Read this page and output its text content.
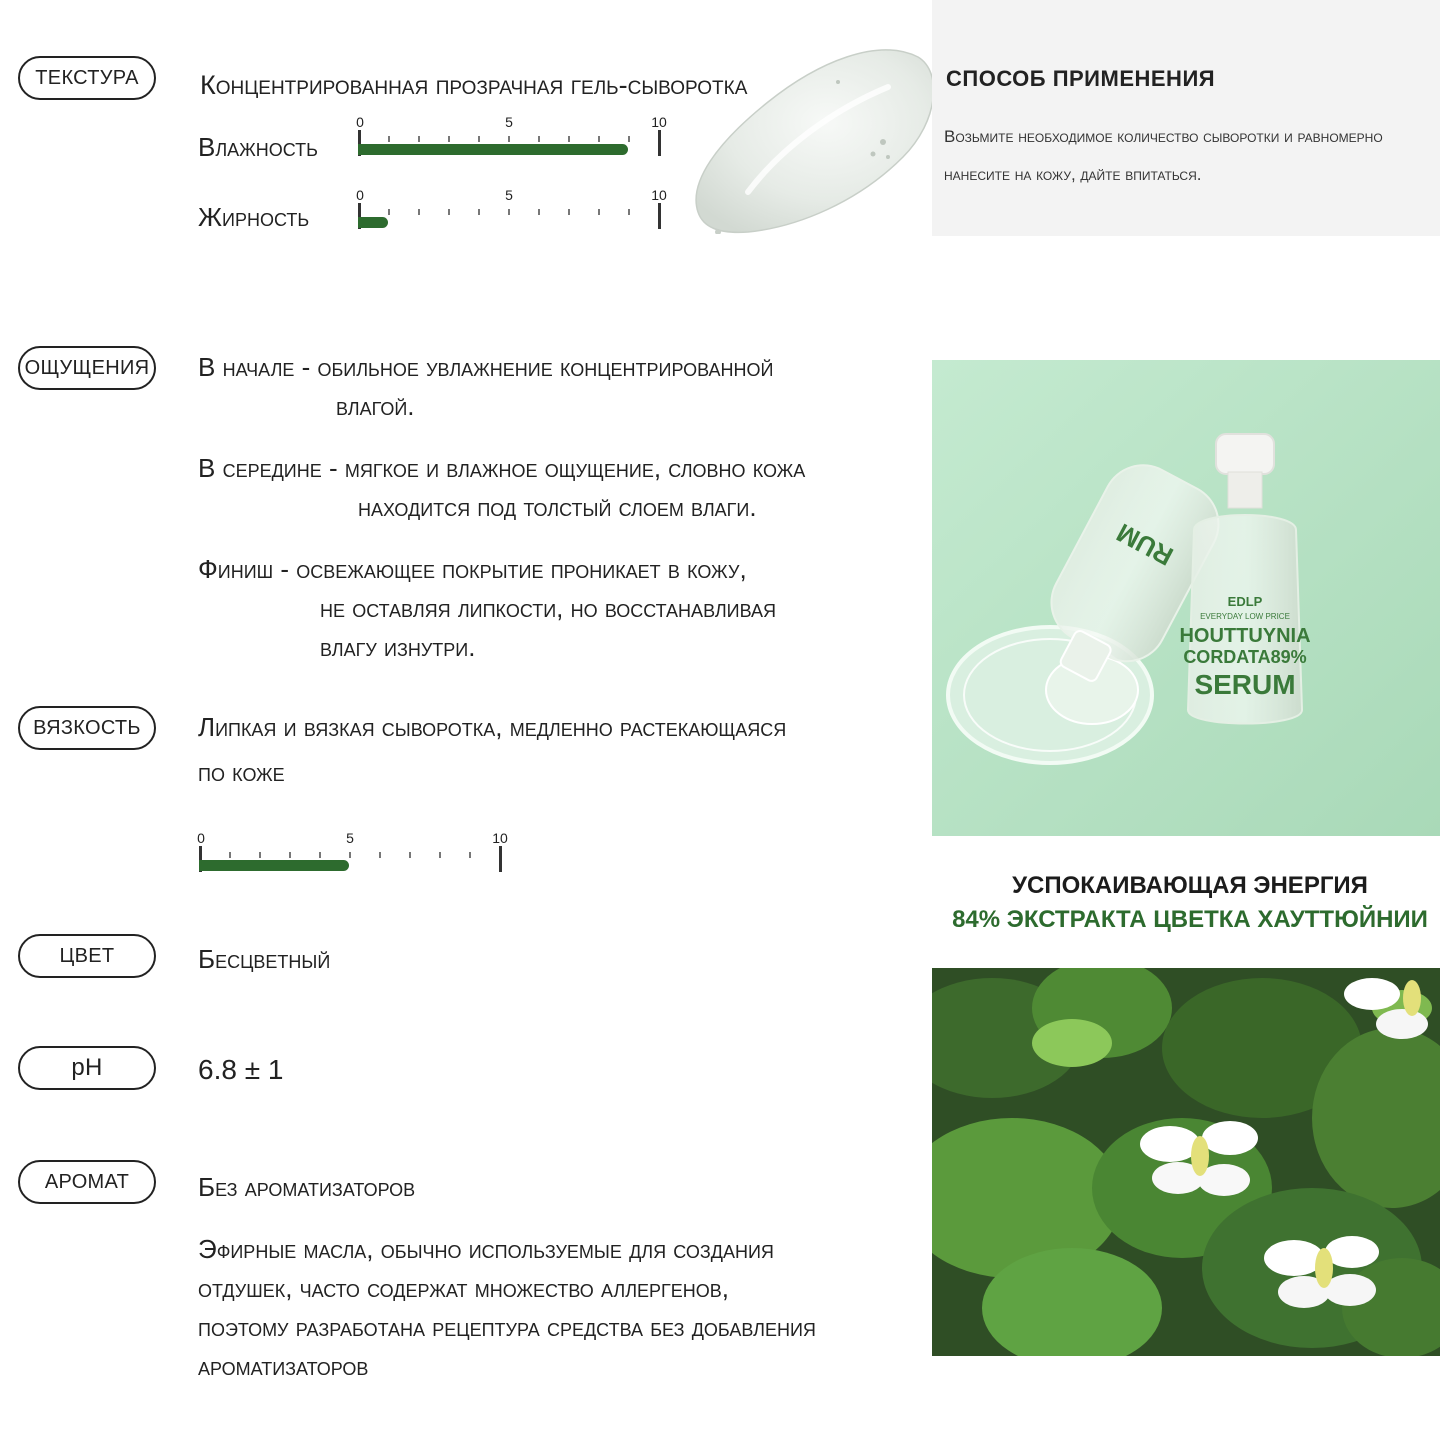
ТЕКСТУРА Концентрированная прозрачная гель-сыворотка
Влажность
0	5	10
Жирность
0	5	10
СПОСОБ ПРИМЕНЕНИЯ
Возьмите необходимое количество сыворотки и равномерно нанесите на кожу, дайте впитаться.
ОЩУЩЕНИЯ В начале - обильное увлажнение концентрированной
влагой.
В середине - мягкое и влажное ощущение, словно кожа
находится под толстый слоем влаги.
Финиш - освежающее покрытие проникает в кожу,
не оставляя липкости, но восстанавливая
влагу изнутри.
RUM
EDLP
EVERYDAY LOW PRICE
HOUTTUYNIA
CORDATA89%
SERUM
ВЯЗКОСТЬ Липкая и вязкая сыворотка, медленно растекающаяся
по коже
0	5	10
УСПОКАИВАЮЩАЯ ЭНЕРГИЯ
84% ЭКСТРАКТА ЦВЕТКА ХАУТТЮЙНИИ
ЦВЕТ	Бесцветный
pH	6.8 ± 1
АРОМАТ	Без ароматизаторов
Эфирные масла, обычно используемые для создания
отдушек, часто содержат множество аллергенов,
поэтому разработана рецептура средства без добавления
ароматизаторов
